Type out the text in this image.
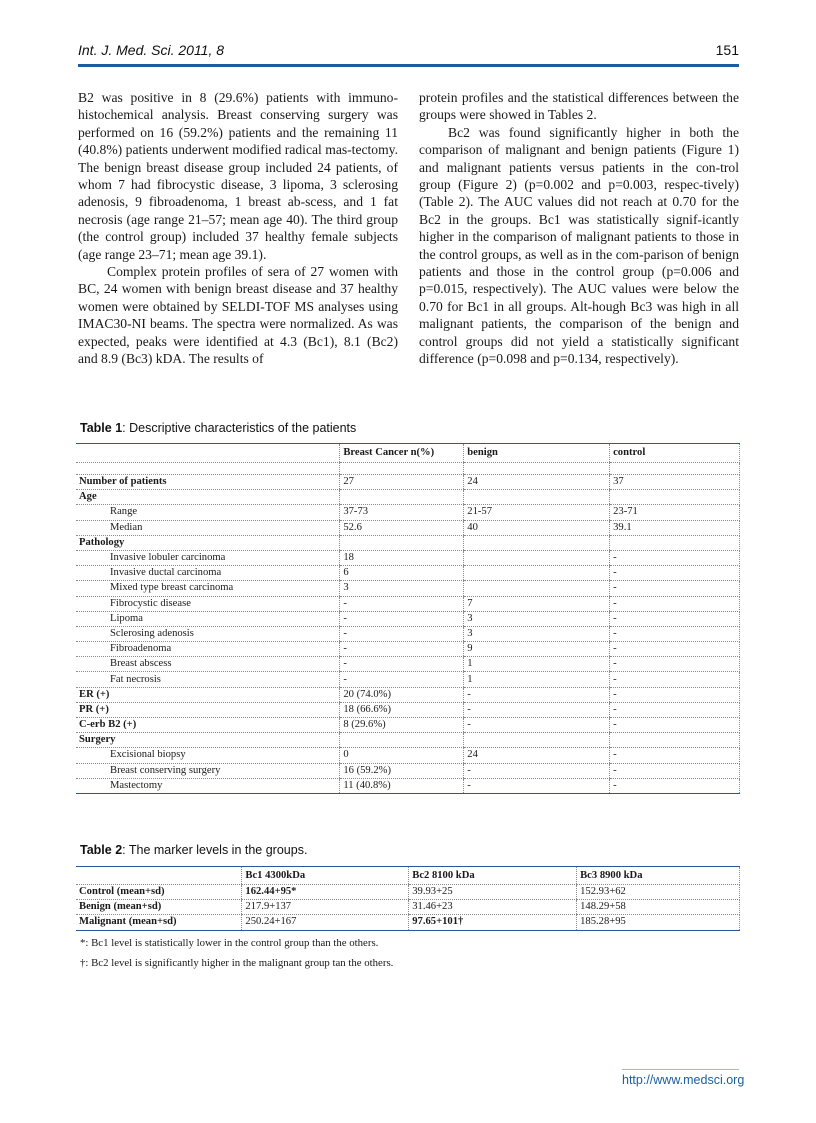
Int. J. Med. Sci. 2011, 8	151

B2 was positive in 8 (29.6%) patients with immuno-histochemical analysis. Breast conserving surgery was performed on 16 (59.2%) patients and the remaining 11 (40.8%) patients underwent modified radical mas-tectomy. The benign breast disease group included 24 patients, of whom 7 had fibrocystic disease, 3 lipoma, 3 sclerosing adenosis, 9 fibroadenoma, 1 breast ab-scess, and 1 fat necrosis (age range 21–57; mean age 40). The third group (the control group) included 37 healthy female subjects (age range 23–71; mean age 39.1).

Complex protein profiles of sera of 27 women with BC, 24 women with benign breast disease and 37 healthy women were obtained by SELDI-TOF MS analyses using IMAC30-NI beams. The spectra were normalized. As was expected, peaks were identified at 4.3 (Bc1), 8.1 (Bc2) and 8.9 (Bc3) kDA. The results of

protein profiles and the statistical differences between the groups were showed in Tables 2.

Bc2 was found significantly higher in both the comparison of malignant and benign patients (Figure 1) and malignant patients versus patients in the con-trol group (Figure 2) (p=0.002 and p=0.003, respec-tively) (Table 2). The AUC values did not reach at 0.70 for the Bc2 in the groups. Bc1 was statistically signif-icantly higher in the comparison of malignant patients to those in the control groups, as well as in the com-parison of benign patients and those in the control group (p=0.006 and p=0.015, respectively). The AUC values were below the 0.70 for Bc1 in all groups. Alt-hough Bc3 was high in all malignant patients, the comparison of the benign and control groups did not yield a statistically significant difference (p=0.098 and p=0.134, respectively).

Table 1: Descriptive characteristics of the patients
	Breast Cancer n(%)	benign	control

Number of patients	27	24	37
Age			
Range	37-73	21-57	23-71
Median	52.6	40	39.1
Pathology			
Invasive lobuler carcinoma	18		-
Invasive ductal carcinoma	6		-
Mixed type breast carcinoma	3		-
Fibrocystic disease	-	7	-
Lipoma	-	3	-
Sclerosing adenosis	-	3	-
Fibroadenoma	-	9	-
Breast abscess	-	1	-
Fat necrosis	-	1	-
ER (+)	20 (74.0%)	-	-
PR (+)	18 (66.6%)	-	-
C-erb B2 (+)	8 (29.6%)	-	-
Surgery			
Excisional biopsy	0	24	-
Breast conserving surgery	16 (59.2%)	-	-
Mastectomy	11 (40.8%)	-	-
Table 2: The marker levels in the groups.
	Bc1 4300kDa	Bc2 8100 kDa	Bc3 8900 kDa
Control (mean+sd)	162.44+95*	39.93+25	152.93+62
Benign (mean+sd)	217.9+137	31.46+23	148.29+58
Malignant (mean+sd)	250.24+167	97.65+101†	185.28+95
*: Bc1 level is statistically lower in the control group than the others.
†: Bc2 level is significantly higher in the malignant group tan the others.
http://www.medsci.org
